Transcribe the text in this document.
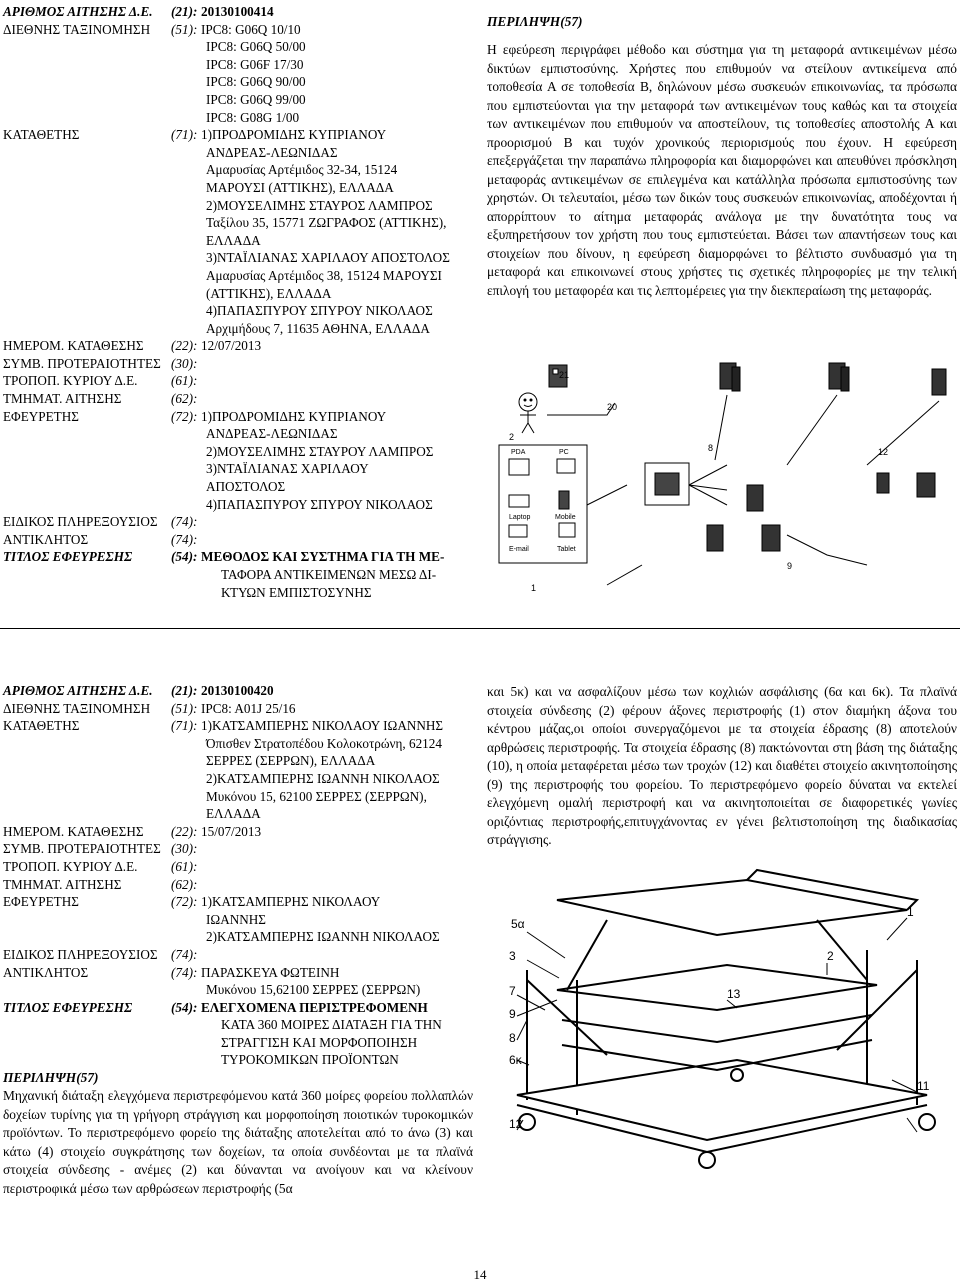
ΑΡΙΘΜΟΣ ΑΙΤΗΣΗΣ Δ.Ε. (21): 20130100414
ΔΙΕΘΝΗΣ ΤΑΞΙΝΟΜΗΣΗ (51): IPC8: G06Q 10/10
IPC8: G06Q 50/00
IPC8: G06F 17/30
IPC8: G06Q 90/00
IPC8: G06Q 99/00
IPC8: G08G 1/00
ΚΑΤΑΘΕΤΗΣ	(71): 1)ΠΡΟΔΡΟΜΙΔΗΣ ΚΥΠΡΙΑΝΟΥ
ΑΝΔΡΕΑΣ-ΛΕΩΝΙΔΑΣ
Αμαρυσίας Αρτέμιδος 32-34, 15124
ΜΑΡΟΥΣΙ (ΑΤΤΙΚΗΣ), ΕΛΛΑΔΑ
2)ΜΟΥΣΕΛΙΜΗΣ ΣΤΑΥΡΟΣ ΛΑΜΠΡΟΣ
Ταξίλου 35, 15771 ΖΩΓΡΑΦΟΣ (ΑΤΤΙΚΗΣ),
ΕΛΛΑΔΑ
3)ΝΤΑΪΛΙΑΝΑΣ ΧΑΡΙΛΑΟΥ ΑΠΟΣΤΟΛΟΣ
Αμαρυσίας Αρτέμιδος 38, 15124 ΜΑΡΟΥΣΙ
(ΑΤΤΙΚΗΣ), ΕΛΛΑΔΑ
4)ΠΑΠΑΣΠΥΡΟΥ ΣΠΥΡΟΥ ΝΙΚΟΛΑΟΣ
Αρχιμήδους 7, 11635 ΑΘΗΝΑ, ΕΛΛΑΔΑ
ΗΜΕΡΟΜ. ΚΑΤΑΘΕΣΗΣ (22): 12/07/2013
ΣΥΜΒ. ΠΡΟΤΕΡΑΙΟΤΗΤΕΣ (30):
ΤΡΟΠΟΠ. ΚΥΡΙΟΥ Δ.Ε.	(61):
ΤΜΗΜΑΤ. ΑΙΤΗΣΗΣ	(62):
ΕΦΕΥΡΕΤΗΣ	(72): 1)ΠΡΟΔΡΟΜΙΔΗΣ ΚΥΠΡΙΑΝΟΥ
ΑΝΔΡΕΑΣ-ΛΕΩΝΙΔΑΣ
2)ΜΟΥΣΕΛΙΜΗΣ ΣΤΑΥΡΟΥ ΛΑΜΠΡΟΣ
3)ΝΤΑΪΛΙΑΝΑΣ ΧΑΡΙΛΑΟΥ
ΑΠΟΣΤΟΛΟΣ
4)ΠΑΠΑΣΠΥΡΟΥ ΣΠΥΡΟΥ ΝΙΚΟΛΑΟΣ
ΕΙΔΙΚΟΣ ΠΛΗΡΕΞΟΥΣΙΟΣ (74):
ΑΝΤΙΚΛΗΤΟΣ	(74):
ΤΙΤΛΟΣ ΕΦΕΥΡΕΣΗΣ	(54): ΜΕΘΟΔΟΣ ΚΑΙ ΣΥΣΤΗΜΑ ΓΙΑ ΤΗ ΜΕ-
ΤΑΦΟΡΑ ΑΝΤΙΚΕΙΜΕΝΩΝ ΜΕΣΩ ΔΙ-
ΚΤΥΩΝ ΕΜΠΙΣΤΟΣΥΝΗΣ
ΠΕΡΙΛΗΨΗ(57)
Η εφεύρεση περιγράφει μέθοδο και σύστημα για τη μεταφορά αντικειμένων μέσω δικτύων εμπιστοσύνης. Χρήστες που επιθυμούν να στείλουν αντικείμενα από τοποθεσία Α σε τοποθεσία Β, δηλώνουν μέσω συσκευών επικοινωνίας, τα πρόσωπα που εμπιστεύονται για την μεταφορά των αντικειμένων τους καθώς και τα στοιχεία των αντικειμένων που επιθυμούν να αποστείλουν, τις τοποθεσίες αποστολής Α και προορισμού Β και τυχόν χρονικούς περιορισμούς που έχουν. Η εφεύρεση επεξεργάζεται την παραπάνω πληροφορία και διαμορφώνει και απευθύνει πρόσκληση μεταφοράς αντικειμένων σε επιλεγμένα και κατάλληλα πρόσωπα εμπιστοσύνης των χρηστών. Οι τελευταίοι, μέσω των δικών τους συσκευών επικοινωνίας, αποδέχονται ή απορρίπτουν το αίτημα μεταφοράς ανάλογα με την δυνατότητα τους να εξυπηρετήσουν τον χρήστη που τους εμπιστεύεται. Βάσει των απαντήσεων τους και στοιχείων που δίνουν, η εφεύρεση διαμορφώνει το βέλτιστο συνδυασμό για τη μεταφορά και επικοινωνεί στους χρήστες τις σχετικές πληροφορίες με την τελική επιλογή του μεταφορέα και τις λεπτομέρειες για την διεκπεραίωση της μεταφοράς.
21
20
2
8	12
1
9
PDA	PC
Laptop	Mobile
E-mail	Tablet
ΑΡΙΘΜΟΣ ΑΙΤΗΣΗΣ Δ.Ε. (21): 20130100420
ΔΙΕΘΝΗΣ ΤΑΞΙΝΟΜΗΣΗ (51): IPC8: A01J 25/16
ΚΑΤΑΘΕΤΗΣ	(71): 1)ΚΑΤΣΑΜΠΕΡΗΣ ΝΙΚΟΛΑΟΥ ΙΩΑΝΝΗΣ
Όπισθεν Στρατοπέδου Κολοκοτρώνη, 62124
ΣΕΡΡΕΣ (ΣΕΡΡΩΝ), ΕΛΛΑΔΑ
2)ΚΑΤΣΑΜΠΕΡΗΣ ΙΩΑΝΝΗ ΝΙΚΟΛΑΟΣ
Μυκόνου 15, 62100 ΣΕΡΡΕΣ (ΣΕΡΡΩΝ),
ΕΛΛΑΔΑ
ΗΜΕΡΟΜ. ΚΑΤΑΘΕΣΗΣ (22): 15/07/2013
ΣΥΜΒ. ΠΡΟΤΕΡΑΙΟΤΗΤΕΣ (30):
ΤΡΟΠΟΠ. ΚΥΡΙΟΥ Δ.Ε.	(61):
ΤΜΗΜΑΤ. ΑΙΤΗΣΗΣ	(62):
ΕΦΕΥΡΕΤΗΣ	(72): 1)ΚΑΤΣΑΜΠΕΡΗΣ ΝΙΚΟΛΑΟΥ
ΙΩΑΝΝΗΣ
2)ΚΑΤΣΑΜΠΕΡΗΣ ΙΩΑΝΝΗ ΝΙΚΟΛΑΟΣ
ΕΙΔΙΚΟΣ ΠΛΗΡΕΞΟΥΣΙΟΣ (74):
ΑΝΤΙΚΛΗΤΟΣ	(74): ΠΑΡΑΣΚΕΥΑ ΦΩΤΕΙΝΗ
Μυκόνου 15,62100 ΣΕΡΡΕΣ (ΣΕΡΡΩΝ)
ΤΙΤΛΟΣ ΕΦΕΥΡΕΣΗΣ	(54): ΕΛΕΓΧΟΜΕΝΑ ΠΕΡΙΣΤΡΕΦΟΜΕΝΗ
ΚΑΤΑ 360 ΜΟΙΡΕΣ ΔΙΑΤΑΞΗ ΓΙΑ ΤΗΝ
ΣΤΡΑΓΓΙΣΗ ΚΑΙ ΜΟΡΦΟΠΟΙΗΣΗ
ΤΥΡΟΚΟΜΙΚΩΝ ΠΡΟΪΟΝΤΩΝ
ΠΕΡΙΛΗΨΗ(57)
Μηχανική διάταξη ελεγχόμενα περιστρεφόμενου κατά 360 μοίρες φορείου πολλαπλών δοχείων τυρίνης για τη γρήγορη στράγγιση και μορφοποίηση ποιοτικών τυροκομικών προϊόντων. Το περιστρεφόμενο φορείο της διάταξης αποτελείται από το άνω (3) και κάτω (4) στοιχείο συγκράτησης των δοχείων, τα οποία συνδέονται με τα πλαϊνά στοιχεία σύνδεσης - ανέμες (2) και δύνανται να ανοίγουν και να κλείνουν περιστροφικά μέσω των αρθρώσεων περιστροφής (5α
και 5κ) και να ασφαλίζουν μέσω των κοχλιών ασφάλισης (6α και 6κ). Τα πλαϊνά στοιχεία σύνδεσης (2) φέρουν άξονες περιστροφής (1) στον διαμήκη άξονα του κέντρου μάζας,οι οποίοι συνεργαζόμενοι με τα στοιχεία έδρασης (8) αποτελούν αρθρώσεις περιστροφής. Τα στοιχεία έδρασης (8) πακτώνονται στη βάση της διάταξης (10), η οποία μεταφέρεται μέσω των τροχών (12) και διαθέτει στοιχείο ακινητοποίησης (9) της περιστροφής του φορείου. Το περιστρεφόμενο φορείο δύναται να εκτελεί ελεγχόμενη ομαλή περιστροφή και να ακινητοποιείται σε διαφορετικές γωνίες οριζόντιας περιστροφής,επιτυγχάνοντας εν γένει βελτιστοποίηση της διαδικασίας στράγγισης.
5α
3
7	13
2
9
8
6κ
1
11
12
14
